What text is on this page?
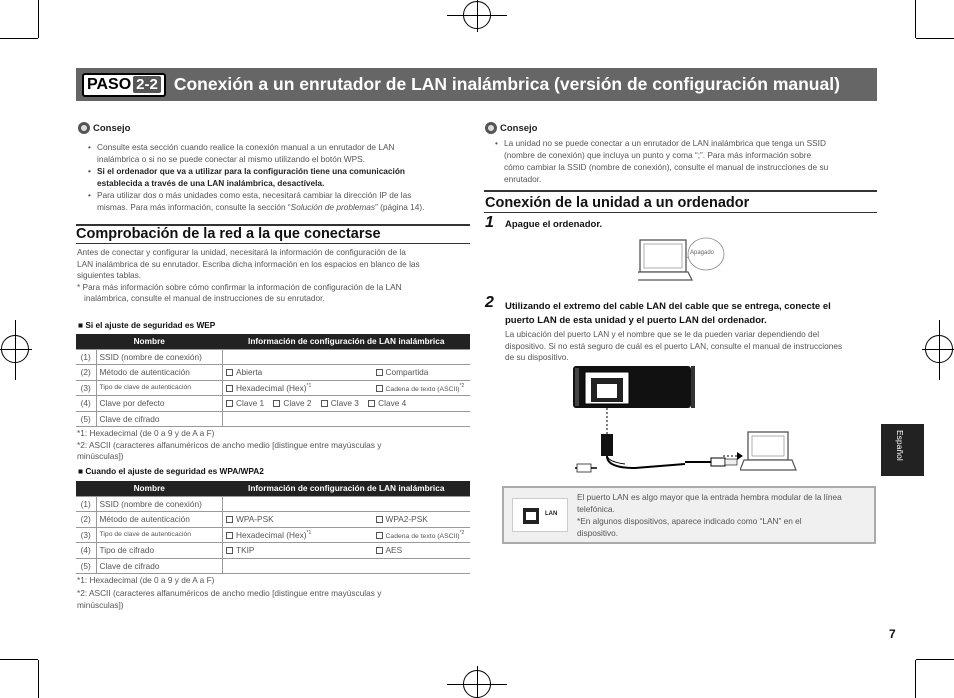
PASO 2-2 Conexión a un enrutador de LAN inalámbrica (versión de configuración manual)
Consejo
• Consulte esta sección cuando realice la conexión manual a un enrutador de LAN
inalámbrica o si no se puede conectar al mismo utilizando el botón WPS.
• Si el ordenador que va a utilizar para la configuración tiene una comunicación
establecida a través de una LAN inalámbrica, desactívela.
• Para utilizar dos o más unidades como esta, necesitará cambiar la dirección IP de las
mismas. Para más información, consulte la sección “Solución de problemas” (página 14).
Comprobación de la red a la que conectarse
Antes de conectar y configurar la unidad, necesitará la información de configuración de la
LAN inalámbrica de su enrutador. Escriba dicha información en los espacios en blanco de las
siguientes tablas.
* Para más información sobre cómo confirmar la información de configuración de la LAN
inalámbrica, consulte el manual de instrucciones de su enrutador.
■ Si el ajuste de seguridad es WEP
Nombre		Información de configuración de LAN inalámbrica	
(1)	SSID (nombre de conexión)		
(2)	Método de autenticación	Abierta	Compartida
(3)	Tipo de clave de autenticación	Hexadecimal (Hex)$^{*1}$	Cadena de texto (ASCII)$^{*2}$
(4)	Clave por defecto	Clave 1 Clave 2 Clave 3 Clave 4	
(5)	Clave de cifrado		
*1: Hexadecimal (de 0 a 9 y de A a F)
*2: ASCII (caracteres alfanuméricos de ancho medio [distingue entre mayúsculas y
minúsculas])
■ Cuando el ajuste de seguridad es WPA/WPA2
Nombre		Información de configuración de LAN inalámbrica	
(1)	SSID (nombre de conexión)		
(2)	Método de autenticación	WPA-PSK	WPA2-PSK
(3)	Tipo de clave de autenticación	Hexadecimal (Hex)$^{*1}$	Cadena de texto (ASCII)$^{*2}$
(4)	Tipo de cifrado	TKIP	AES
(5)	Clave de cifrado		
*1: Hexadecimal (de 0 a 9 y de A a F)
*2: ASCII (caracteres alfanuméricos de ancho medio [distingue entre mayúsculas y
minúsculas])
Consejo
• La unidad no se puede conectar a un enrutador de LAN inalámbrica que tenga un SSID
(nombre de conexión) que incluya un punto y coma “;”. Para más información sobre
cómo cambiar la SSID (nombre de conexión), consulte el manual de instrucciones de su
enrutador.
Conexión de la unidad a un ordenador
1 Apague el ordenador.
Apagado
2 Utilizando el extremo del cable LAN del cable que se entrega, conecte el
puerto LAN de esta unidad y el puerto LAN del ordenador.
La ubicación del puerto LAN y el nombre que se le da pueden variar dependiendo del
dispositivo. Si no está seguro de cuál es el puerto LAN, consulte el manual de instrucciones
de su dispositivo.
LAN
El puerto LAN es algo mayor que la entrada hembra modular de la línea
telefónica.
*En algunos dispositivos, aparece indicado como “LAN” en el
dispositivo.
Español
7
